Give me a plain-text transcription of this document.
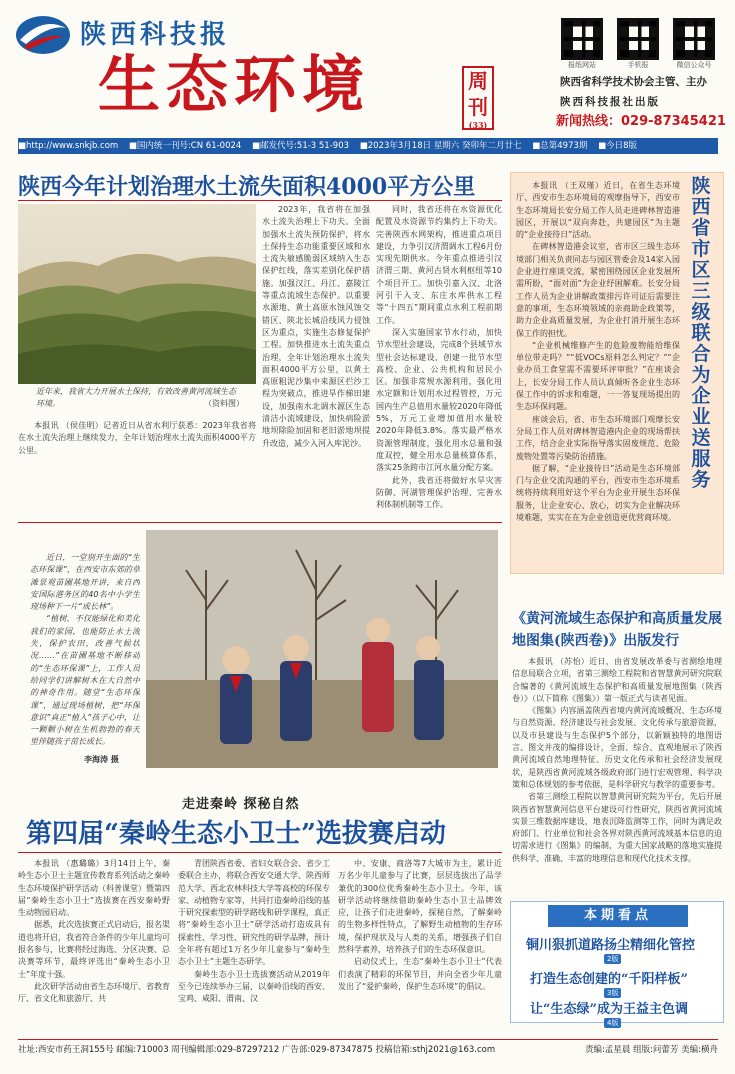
陕西科技报
生态环境	周刊
(33)
报纸网站	手机报	微信公众号
陕西省科学技术协会主管、主办
陕西科技报社出版
新闻热线：029-87345421
■http://www.snkjb.com ■国内统一刊号:CN 61-0024 ■邮发代号:51-3 51-903 ■2023年3月18日 星期六 癸卯年二月廿七 ■总第4973期 ■今日8版
陕西今年计划治理水土流失面积4000平方公里
近年来，我省大力开展水土保持，有效改善黄河流域生态环境。	（资料图）

本报讯 （侯佳明）记者近日从省水利厅获悉：2023年我省将在水土流失治理上继续发力，全年计划治理水土流失面积4000平方公里。

2023年，我省将在加强水土流失治理上下功夫。全面加强水土流失预防保护，将水土保持生态功能重要区域和水土流失敏感脆弱区域纳入生态保护红线，落实差别化保护措施。加强汉江、丹江、嘉陵江等重点流域生态保护。以重要水源地、黄土高原水蚀风蚀交错区、陕北长城沿线风力侵蚀区为重点，实施生态修复保护工程。加快推进水土流失重点治理，全年计划治理水土流失面积4000平方公里，以黄土高原粗泥沙集中来源区拦沙工程为突破点，推进旱作梯田建设，加强南水北调水源区生态清洁小流域建设，加快病险淤地坝除险加固和老旧淤地坝提升改造，减少入河入库泥沙。

同时，我省还将在水资源优化配置及水资源节约集约上下功夫。完善陕西水网架构，推进重点项目建设，力争引汉济渭调水工程6月份实现先期供水。今年重点推进引汉济渭三期、黄河古贤水利枢纽等10个项目开工。加快引嘉入汉、北洛河引干入支、东庄水库供水工程等“十四五”期间重点水利工程前期工作。

深入实施国家节水行动，加快节水型社会建设，完成8个县域节水型社会达标建设，创建一批节水型高校、企业、公共机构和居民小区。加强非常规水源利用，强化用水定额和计划用水过程管控，万元国内生产总值用水量较2020年降低5%，万元工业增加值用水量较2020年降低3.8%。落实最严格水资源管理制度，强化用水总量和强度双控，健全用水总量核算体系，落实25条跨市江河水量分配方案。

此外，我省还将做好水旱灾害防御、河湖管理保护治理、完善水利体制机制等工作。

陕西省市区三级联合为企业送服务

本报讯 （王双瑾）近日，在省生态环境厅、西安市生态环境局的观摩指导下，西安市生态环境局长安分局工作人员走进碑林智造港园区，开展以“双向奔赴，共建园区”为主题的“企业接待日”活动。

在碑林智造港会议室，省市区三级生态环境部门相关负责同志与园区管委会及14家入园企业进行座谈交流，紧密围绕园区企业发展所需所盼，“面对面”为企业纾困解难。长安分局工作人员为企业讲解政策排污许可证后需要注意的事项，生态环境领域的亲商助企政策等，助力企业高质量发展，为企业打消开展生态环保工作的担忧。

“企业机械维修产生的危险废物能给维保单位带走吗？”“低VOCs原料怎么判定？”“企业办员工食堂需不需要环评审批？”在座谈会上，长安分局工作人员认真倾听各企业生态环保工作中的诉求和难题，一一答复现场提出的生态环保问题。

座谈会后，省、市生态环境部门观摩长安分局工作人员对碑林智造港内企业的现场帮扶工作，结合企业实际指导落实固废规范、危险废物处置等污染防治措施。

据了解，“企业接待日”活动是生态环境部门与企业交流沟通的平台，西安市生态环境系统将持续利用好这个平台为企业开展生态环保服务，让企业安心、放心，切实为企业解决环境难题，实实在在为企业创造更优营商环境。

近日，一堂别开生面的“生态环保课”，在西安市东郊的草滩景观苗圃基地开讲，来自西安国际港务区的40名中小学生现场种下一片“成长林”。

“植树，不仅能绿化和美化我们的家园，也能防止水土流失，保护农田，改善气候状况……”在苗圃基地不断移动的“生态环保课”上，工作人员给同学们讲解树木在大自然中的神奇作用。随堂“生态环保课”，通过现场植树，把“环保意识”真正“植入”孩子心中，让一颗颗小树在生机勃勃的春天里伴随孩子茁长成长。

李海涛 摄
走进秦岭 探秘自然
第四届“秦岭生态小卫士”选拔赛启动

本报讯 （惠璐璐）3月14日上午，秦岭生态小卫士主题宣传教育系列活动之秦岭生态环境保护研学活动（科普课堂）暨第四届“秦岭生态小卫士”选拔赛在西安秦岭野生动物园启动。

据悉，此次选拔赛正式启动后，报名渠道也将开启，我省符合条件的少年儿童均可报名参与，比赛将经过海选、分区决赛、总决赛等环节，最终评选出“秦岭生态小卫士”年度十强。

此次研学活动由省生态环境厅、省教育厅、省文化和旅游厅、共

青团陕西省委、省妇女联合会、省少工委联合主办，将联合西安交通大学、陕西师范大学、西北农林科技大学等高校的环保专家、动植物专家等，共同打造秦岭沿线的基于研究探索型的研学路线和研学课程，真正将“秦岭生态小卫士”研学活动打造成具有探索性、学习性、研究性的研学品牌，预计全年将有超过1万名少年儿童参与“秦岭生态小卫士”主题生态研学。

秦岭生态小卫士选拔赛活动从2019年至今已连续举办三届，以秦岭沿线的西安、宝鸡、咸阳、渭南、汉

中、安康、商洛等7大城市为主，累计近万名少年儿童参与了比赛，层层选拔出了品学兼优的300位优秀秦岭生态小卫士。今年，该研学活动将继续借助秦岭生态小卫士品牌效应，让孩子们走进秦岭，探秘自然，了解秦岭的生物多样性特点，了解野生动植物的生存环境，保护现状及与人类的关系，增强孩子们自然科学素养，培养孩子们的生态环保意识。

启动仪式上，生态“秦岭生态小卫士”代表们表演了精彩的环保节目，并向全省少年儿童发出了“爱护秦岭，保护生态环境”的倡议。

《黄河流域生态保护和高质量发展地图集(陕西卷)》出版发行

本报讯 （苏怡）近日，由省发展改革委与省测绘地理信息局联合立项，省第三测绘工程院和省智慧黄河研究院联合编著的《黄河流域生态保护和高质量发展地图集（陕西卷）》（以下简称《图集》）第一版正式与读者见面。

《图集》内容涵盖陕西省境内黄河流域概况、生态环境与自然资源、经济建设与社会发展、文化传承与旅游资源，以及市县建设与生态保护5个部分，以新颖独特的地图语言、图文并茂的编排设计，全面、综合、直观地展示了陕西黄河流域自然地理特征、历史文化传承和社会经济发展现状，是陕西省黄河流域各级政府部门进行宏观管理、科学决策和总体规划的参考依据，是科学研究与教学的重要参考。

省第三测绘工程院以智慧黄河研究院为平台，先后开展陕西省智慧黄河信息平台建设可行性研究，陕西省黄河流域实景三维数据库建设，地表沉降监测等工作，同时为满足政府部门、行业单位和社会各界对陕西黄河流域基本信息的迫切需求进行《图集》的编制，为重大国家战略的落地实施提供科学、准确、丰富的地理信息和现代化技术支撑。

本期看点
铜川狠抓道路扬尘精细化管控
2版
打造生态创建的“千阳样板”
3版
让“生态绿”成为王益主色调
4版
社址:西安市药王洞155号 邮编:710003 周刊编辑部:029-87297212 广告部:029-87347875 投稿信箱:sthj2021@163.com	责编:孟星晨 组版:问蕾芳 美编:横舟
